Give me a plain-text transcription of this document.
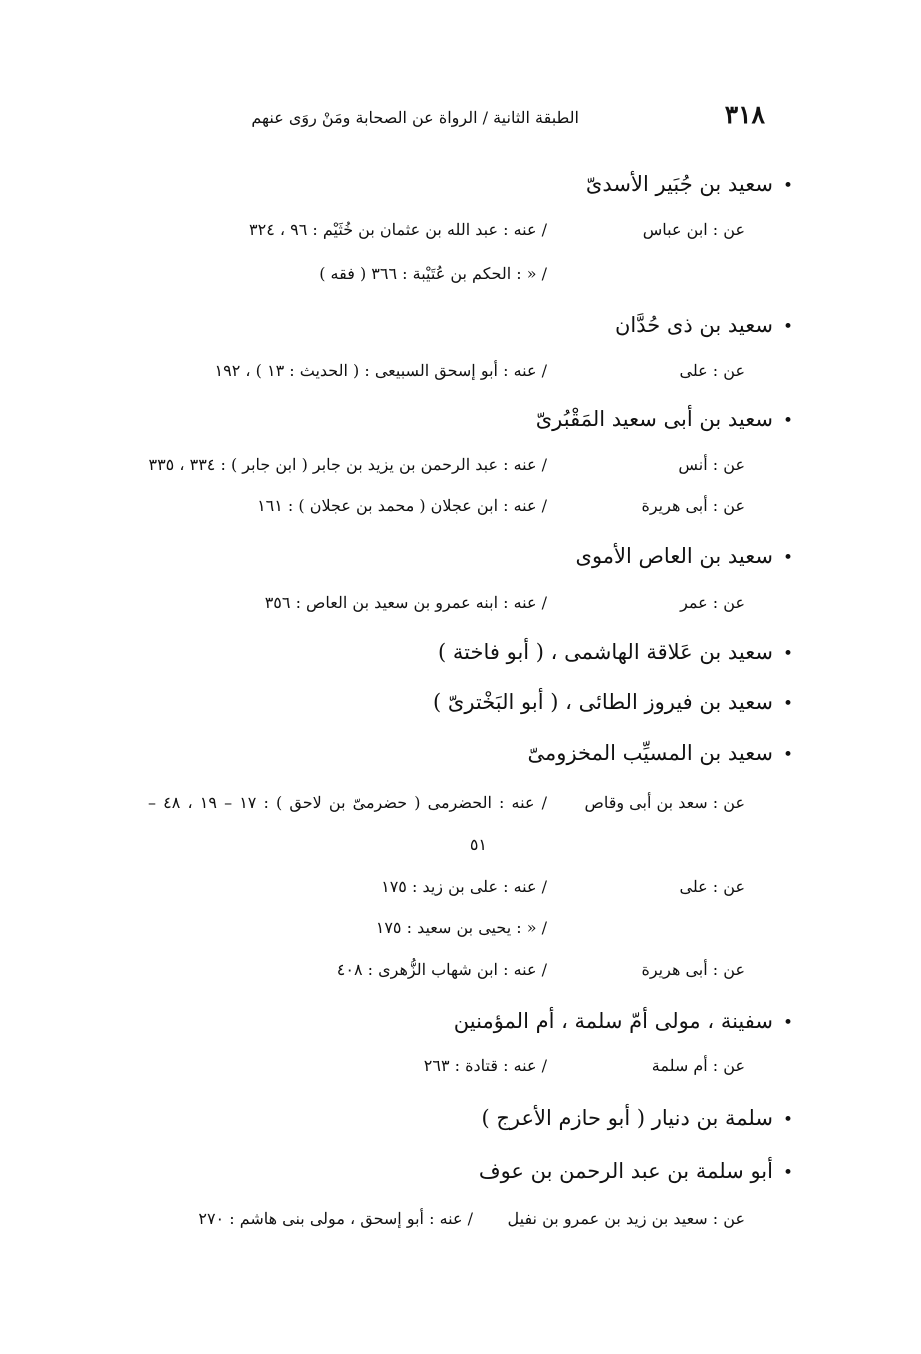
٣١٨
الطبقة الثانية / الرواة عن الصحابة ومَنْ روَى عنهم
•سعيد بن جُبَير الأسدىّ
عن : ابن عباس
/ عنه : عبد الله بن عثمان بن خُثَيْم : ٩٦ ، ٣٢٤
/ « : الحكم بن عُتَيْبة : ٣٦٦ ( فقه )
•سعيد بن ذى حُدَّان
عن : على
/ عنه : أبو إسحق السبيعى : ( الحديث : ١٣ ) ، ١٩٢
•سعيد بن أبى سعيد المَقْبُرىّ
عن : أنس
/ عنه : عبد الرحمن بن يزيد بن جابر ( ابن جابر ) : ٣٣٤ ، ٣٣٥
عن : أبى هريرة
/ عنه : ابن عجلان ( محمد بن عجلان ) : ١٦١
•سعيد بن العاص الأموى
عن : عمر
/ عنه : ابنه عمرو بن سعيد بن العاص : ٣٥٦
•سعيد بن عَلاقة الهاشمى ، ( أبو فاختة )
•سعيد بن فيروز الطائى ، ( أبو البَخْترىّ )
•سعيد بن المسيِّب المخزومىّ
عن : سعد بن أبى وقاص
/ عنه : الحضرمى ( حضرمىّ بن لاحق ) : ١٧ – ١٩ ، ٤٨ –
٥١
عن : على
/ عنه : على بن زيد : ١٧٥
/ « : يحيى بن سعيد : ١٧٥
عن : أبى هريرة
/ عنه : ابن شهاب الزُّهرى : ٤٠٨
•سفينة ، مولى أمّ سلمة ، أم المؤمنين
عن : أم سلمة
/ عنه : قتادة : ٢٦٣
•سلمة بن دنيار ( أبو حازم الأعرج )
•أبو سلمة بن عبد الرحمن بن عوف
عن : سعيد بن زيد بن عمرو بن نفيل
/ عنه : أبو إسحق ، مولى بنى هاشم : ٢٧٠
